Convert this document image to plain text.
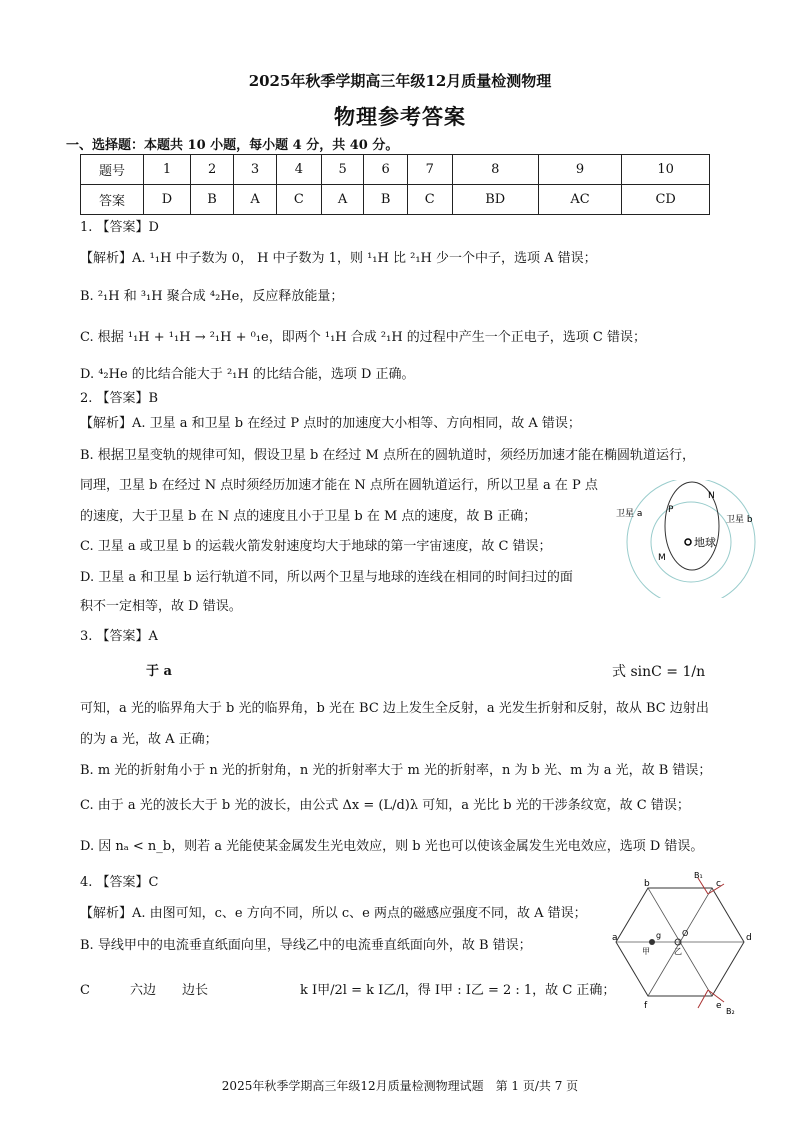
2025年秋季学期高三年级12月质量检测物理
物理参考答案
一、选择题：本题共 10 小题，每小题 4 分，共 40 分。
题号	1	2	3	4	5	6	7	8	9	10
答案	D	B	A	C	A	B	C	BD	AC	CD
1. 【答案】D
【解析】A. ¹₁H 中子数为 0， H 中子数为 1，则 ¹₁H 比 ²₁H 少一个中子，选项 A 错误；
B. ²₁H 和 ³₁H 聚合成 ⁴₂He，反应释放能量；
C. 根据 ¹₁H + ¹₁H → ²₁H + ⁰₁e，即两个 ¹₁H 合成 ²₁H 的过程中产生一个正电子，选项 C 错误；
D. ⁴₂He 的比结合能大于 ²₁H 的比结合能，选项 D 正确。
2. 【答案】B
【解析】A. 卫星 a 和卫星 b 在经过 P 点时的加速度大小相等、方向相同，故 A 错误；
B. 根据卫星变轨的规律可知，假设卫星 b 在经过 M 点所在的圆轨道时，须经历加速才能在椭圆轨道运行，
同理，卫星 b 在经过 N 点时须经历加速才能在 N 点所在圆轨道运行，所以卫星 a 在 P 点
的速度，大于卫星 b 在 N 点的速度且小于卫星 b 在 M 点的速度，故 B 正确；
C. 卫星 a 或卫星 b 的运载火箭发射速度均大于地球的第一宇宙速度，故 C 错误；
D. 卫星 a 和卫星 b 运行轨道不同，所以两个卫星与地球的连线在相同的时间扫过的面
积不一定相等，故 D 错误。
地球
卫星 a
卫星 b
P
N
M
3. 【答案】A
于 a	式 sinC = 1/n
可知，a 光的临界角大于 b 光的临界角，b 光在 BC 边上发生全反射，a 光发生折射和反射，故从 BC 边射出
的为 a 光，故 A 正确；
B. m 光的折射角小于 n 光的折射角，n 光的折射率大于 m 光的折射率，n 为 b 光、m 为 a 光，故 B 错误；
C. 由于 a 光的波长大于 b 光的波长，由公式 Δx = (L/d)λ 可知，a 光比 b 光的干涉条纹宽，故 C 错误；
D. 因 nₐ < n_b，则若 a 光能使某金属发生光电效应，则 b 光也可以使该金属发生光电效应，选项 D 错误。
4. 【答案】C
【解析】A. 由图可知，c、e 方向不同，所以 c、e 两点的磁感应强度不同，故 A 错误；
B. 导线甲中的电流垂直纸面向里，导线乙中的电流垂直纸面向外，故 B 错误；
C	六边 边长	k I甲/2l = k I乙/l，得 I甲 : I乙 = 2 : 1，故 C 正确；
b	c
a	d
f	e
甲	乙
O
g
B₁
B₂
2025年秋季学期高三年级12月质量检测物理试题　第 1 页/共 7 页
